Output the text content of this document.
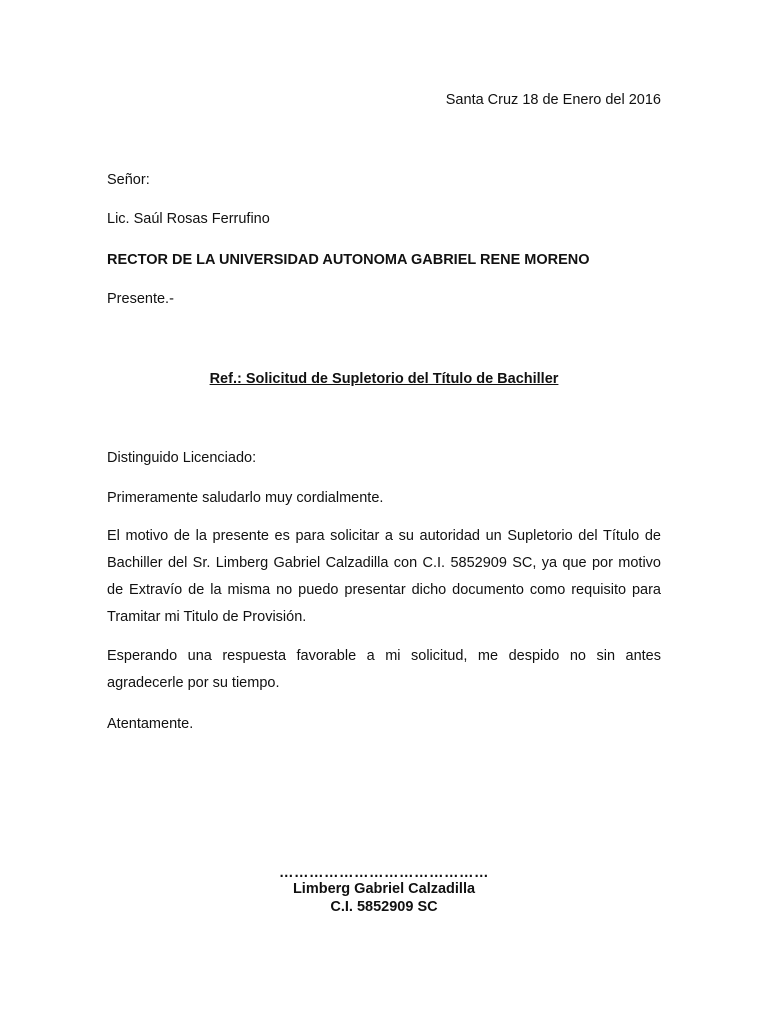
Santa Cruz 18 de Enero del 2016
Señor:
Lic. Saúl Rosas Ferrufino
RECTOR DE LA UNIVERSIDAD AUTONOMA GABRIEL RENE MORENO
Presente.-
Ref.: Solicitud de Supletorio del Título de Bachiller
Distinguido Licenciado:
Primeramente saludarlo muy cordialmente.
El motivo de la presente es para solicitar a su autoridad un Supletorio del Título de Bachiller del Sr. Limberg Gabriel Calzadilla con C.I. 5852909 SC, ya que por motivo de Extravío de la misma no puedo presentar dicho documento como requisito para Tramitar mi Titulo de Provisión.
Esperando una respuesta favorable a mi solicitud, me despido no sin antes agradecerle por su tiempo.
Atentamente.
……………………………………
Limberg Gabriel Calzadilla
C.I. 5852909 SC
